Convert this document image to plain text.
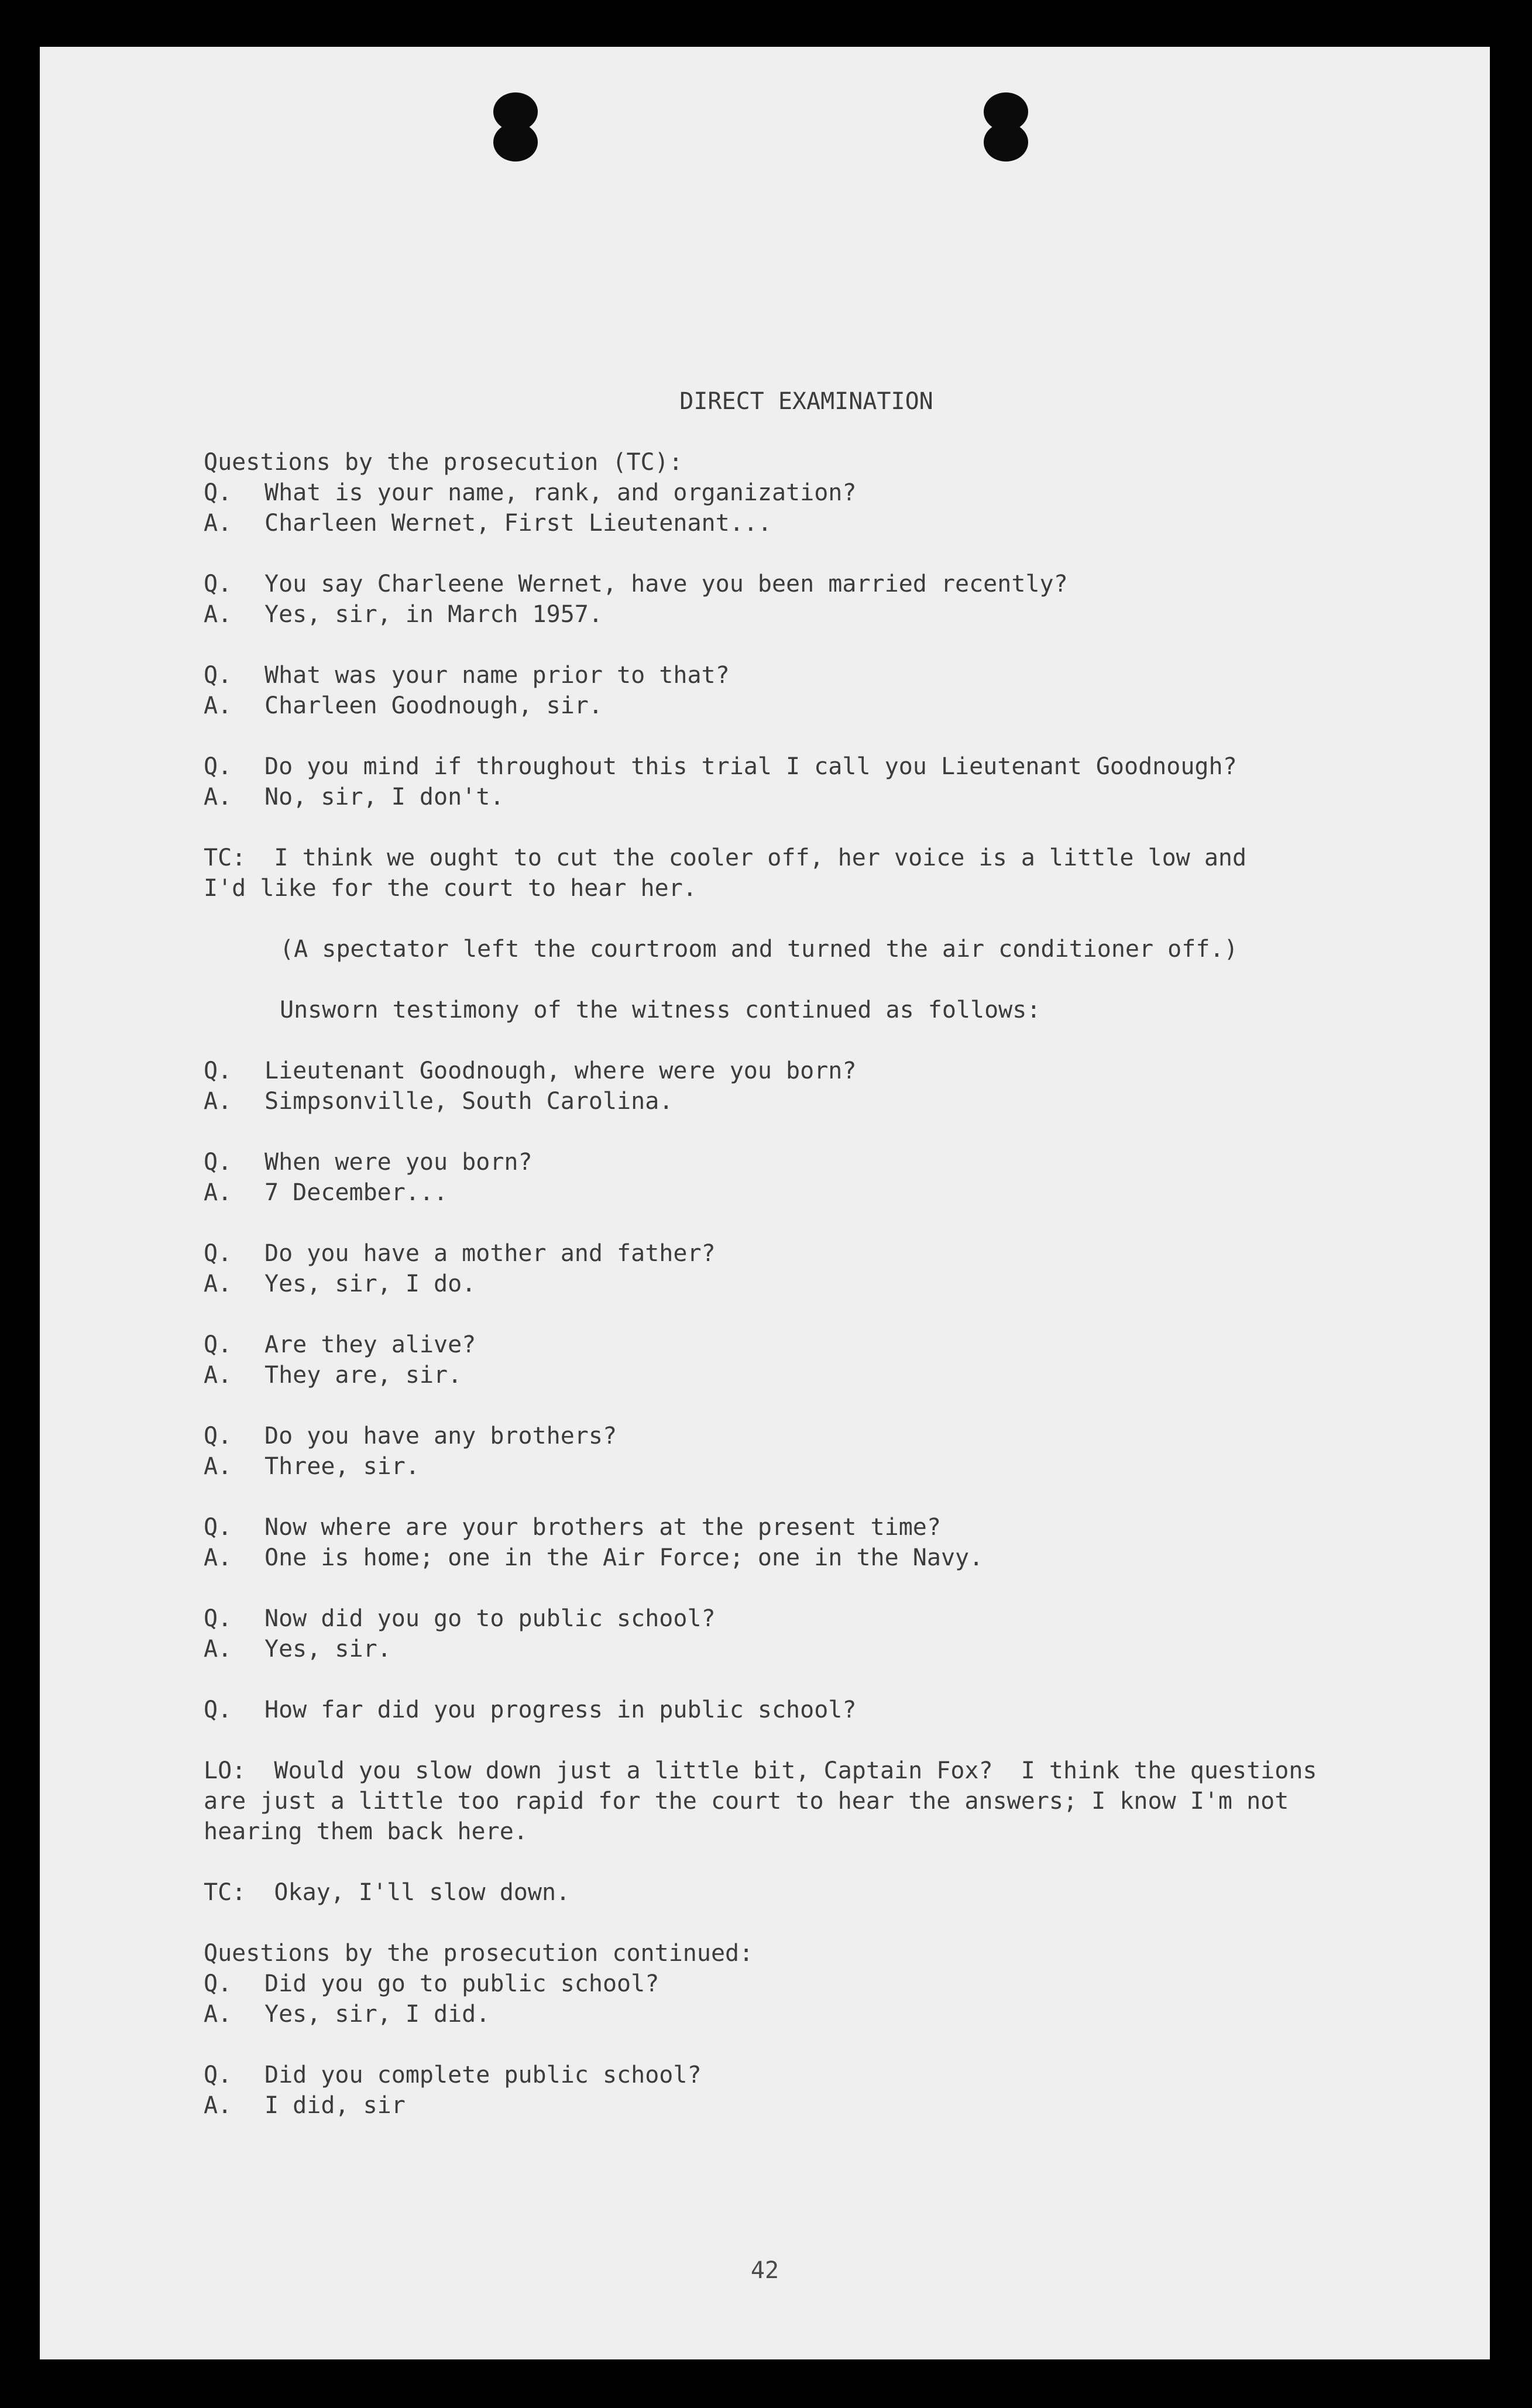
DIRECT EXAMINATION
Questions by the prosecution (TC):
Q.	What is your name, rank, and organization?
A.	Charleen Wernet, First Lieutenant...
Q.	You say Charleene Wernet, have you been married recently?
A.	Yes, sir, in March 1957.
Q.	What was your name prior to that?
A.	Charleen Goodnough, sir.
Q.	Do you mind if throughout this trial I call you Lieutenant Goodnough?
A.	No, sir, I don't.
TC:  I think we ought to cut the cooler off, her voice is a little low and
I'd like for the court to hear her.
(A spectator left the courtroom and turned the air conditioner off.)
Unsworn testimony of the witness continued as follows:
Q.	Lieutenant Goodnough, where were you born?
A.	Simpsonville, South Carolina.
Q.	When were you born?
A.	7 December...
Q.	Do you have a mother and father?
A.	Yes, sir, I do.
Q.	Are they alive?
A.	They are, sir.
Q.	Do you have any brothers?
A.	Three, sir.
Q.	Now where are your brothers at the present time?
A.	One is home; one in the Air Force; one in the Navy.
Q.	Now did you go to public school?
A.	Yes, sir.
Q.	How far did you progress in public school?
LO:  Would you slow down just a little bit, Captain Fox?  I think the questions
are just a little too rapid for the court to hear the answers; I know I'm not
hearing them back here.
TC:  Okay, I'll slow down.
Questions by the prosecution continued:
Q.	Did you go to public school?
A.	Yes, sir, I did.
Q.	Did you complete public school?
A.	I did, sir
42
